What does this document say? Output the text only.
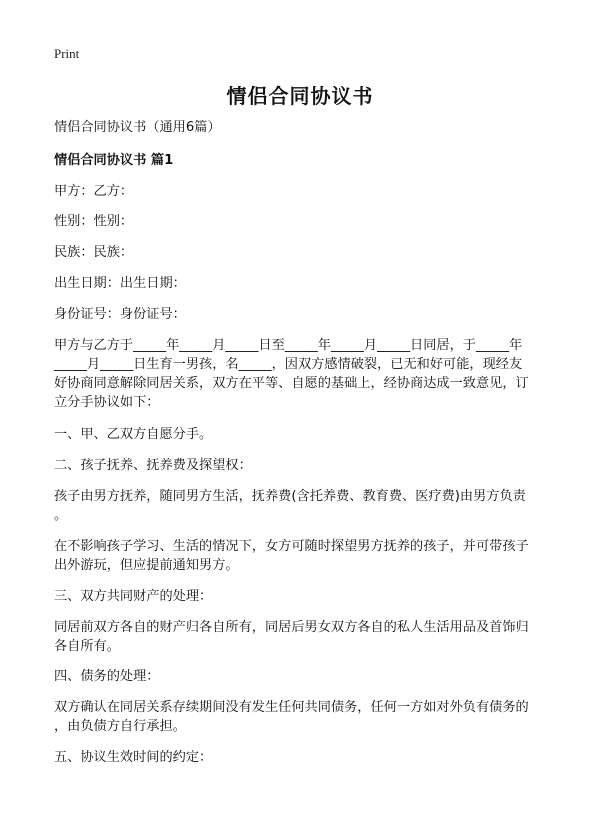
Print
情侣合同协议书
情侣合同协议书（通用6篇）
情侣合同协议书 篇1
甲方：乙方：
性别：性别：
民族：民族：
出生日期：出生日期：
身份证号：身份证号：
甲方与乙方于_____年_____月_____日至_____年_____月_____日同居，于_____年
_____月_____日生育一男孩，名_____，因双方感情破裂，已无和好可能，现经友
好协商同意解除同居关系，双方在平等、自愿的基础上，经协商达成一致意见，订
立分手协议如下：
一、甲、乙双方自愿分手。
二、孩子抚养、抚养费及探望权：
孩子由男方抚养，随同男方生活，抚养费(含托养费、教育费、医疗费)由男方负责
。
在不影响孩子学习、生活的情况下，女方可随时探望男方抚养的孩子，并可带孩子
出外游玩，但应提前通知男方。
三、双方共同财产的处理：
同居前双方各自的财产归各自所有，同居后男女双方各自的私人生活用品及首饰归
各自所有。
四、债务的处理：
双方确认在同居关系存续期间没有发生任何共同债务，任何一方如对外负有债务的
，由负债方自行承担。
五、协议生效时间的约定：
